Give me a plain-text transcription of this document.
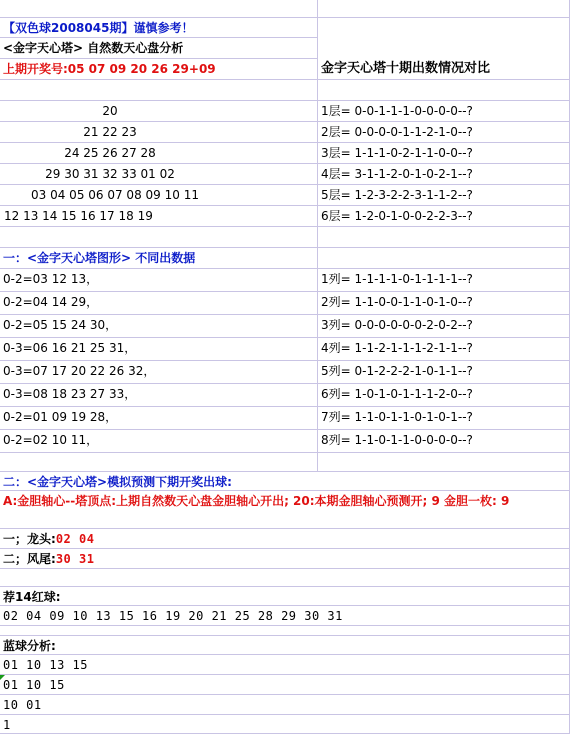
【双色球2008045期】谨慎参考！
<金字天心塔> 自然数天心盘分析
上期开奖号:05 07 09 20 26 29+09	金字天心塔十期出数情况对比
20	1层= 0-0-1-1-1-0-0-0-0--?
21 22 23	2层= 0-0-0-0-1-1-2-1-0--?
24 25 26 27 28	3层= 1-1-1-0-2-1-1-0-0--?
29 30 31 32 33 01 02	4层= 3-1-1-2-0-1-0-2-1--?
03 04 05 06 07 08 09 10 11	5层= 1-2-3-2-2-3-1-1-2--?
12 13 14 15 16 17 18 19	6层= 1-2-0-1-0-0-2-2-3--?
一：<金字天心塔图形> 不同出数据
0-2=03 12 13，	1列= 1-1-1-1-0-1-1-1-1--?
0-2=04 14 29，	2列= 1-1-0-0-1-1-0-1-0--?
0-2=05 15 24 30，	3列= 0-0-0-0-0-0-2-0-2--?
0-3=06 16 21 25 31，	4列= 1-1-2-1-1-1-2-1-1--?
0-3=07 17 20 22 26 32，	5列= 0-1-2-2-2-1-0-1-1--?
0-3=08 18 23 27 33，	6列= 1-0-1-0-1-1-1-2-0--?
0-2=01 09 19 28，	7列= 1-1-0-1-1-0-1-0-1--?
0-2=02 10 11，	8列= 1-1-0-1-1-0-0-0-0--?
二：<金字天心塔>模拟预测下期开奖出球:
A:金胆轴心--塔顶点:上期自然数天心盘金胆轴心开出; 20:本期金胆轴心预测开; 9 金胆一枚: 9
一；龙头:02 04
二；风尾:30 31
荐14红球:
02 04 09 10 13 15 16 19 20 21 25 28 29 30 31
蓝球分析:
01 10 13 15
01 10 15
10 01
1
